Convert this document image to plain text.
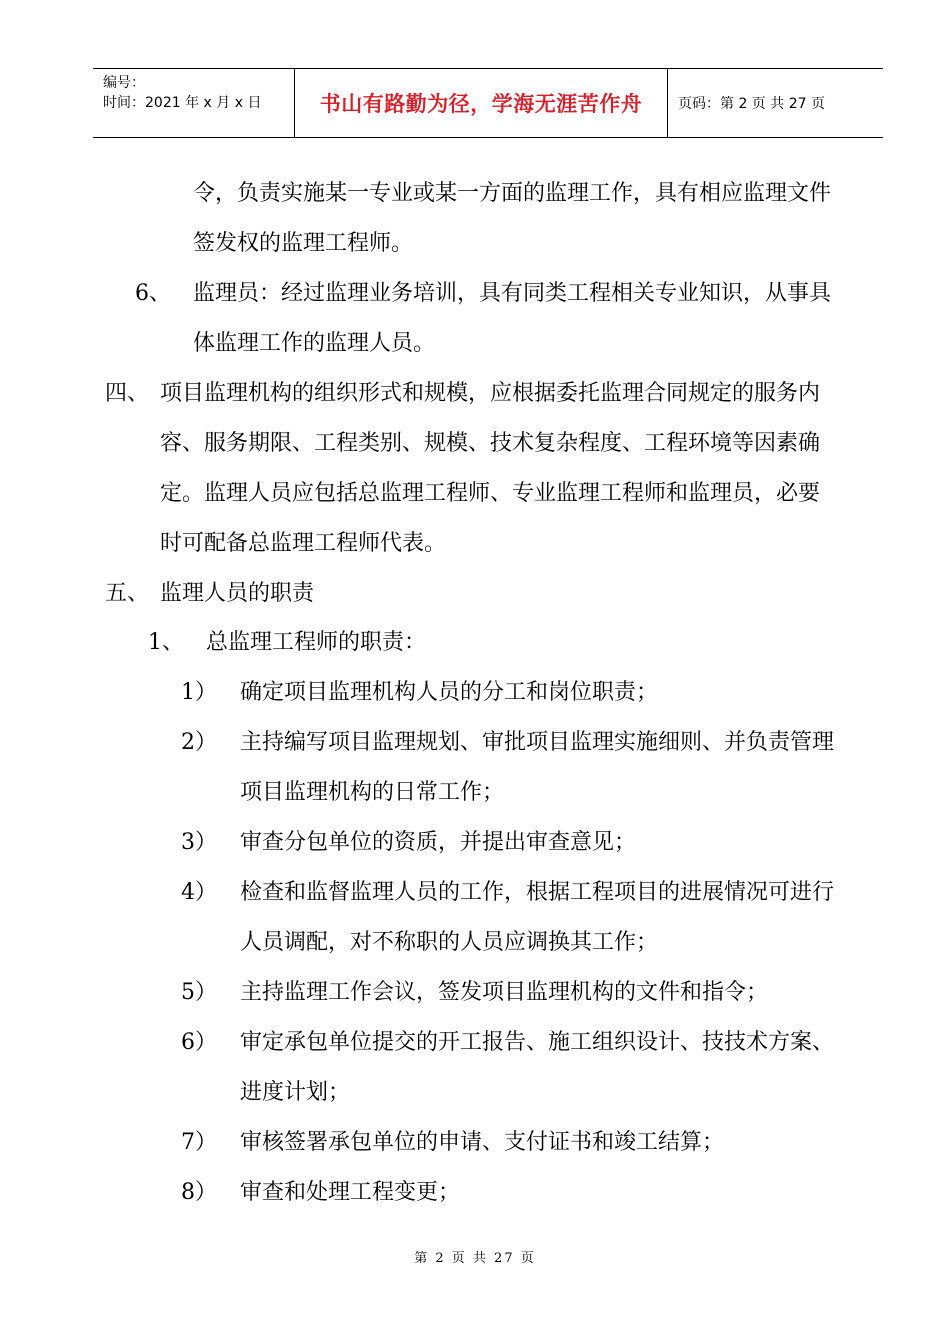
编号：
时间：2021 年 x 月 x 日	书山有路勤为径，学海无涯苦作舟	页码：第 2 页 共 27 页
令，负责实施某一专业或某一方面的监理工作，具有相应监理文件
签发权的监理工程师。
6、 监理员：经过监理业务培训，具有同类工程相关专业知识，从事具
体监理工作的监理人员。
四、 项目监理机构的组织形式和规模，应根据委托监理合同规定的服务内
容、服务期限、工程类别、规模、技术复杂程度、工程环境等因素确
定。监理人员应包括总监理工程师、专业监理工程师和监理员，必要
时可配备总监理工程师代表。
五、 监理人员的职责
1、 总监理工程师的职责：
1） 确定项目监理机构人员的分工和岗位职责；
2） 主持编写项目监理规划、审批项目监理实施细则、并负责管理
项目监理机构的日常工作；
3） 审查分包单位的资质，并提出审查意见；
4） 检查和监督监理人员的工作，根据工程项目的进展情况可进行
人员调配，对不称职的人员应调换其工作；
5） 主持监理工作会议，签发项目监理机构的文件和指令；
6） 审定承包单位提交的开工报告、施工组织设计、技技术方案、
进度计划；
7） 审核签署承包单位的申请、支付证书和竣工结算；
8） 审查和处理工程变更；
第 2 页 共 27 页
